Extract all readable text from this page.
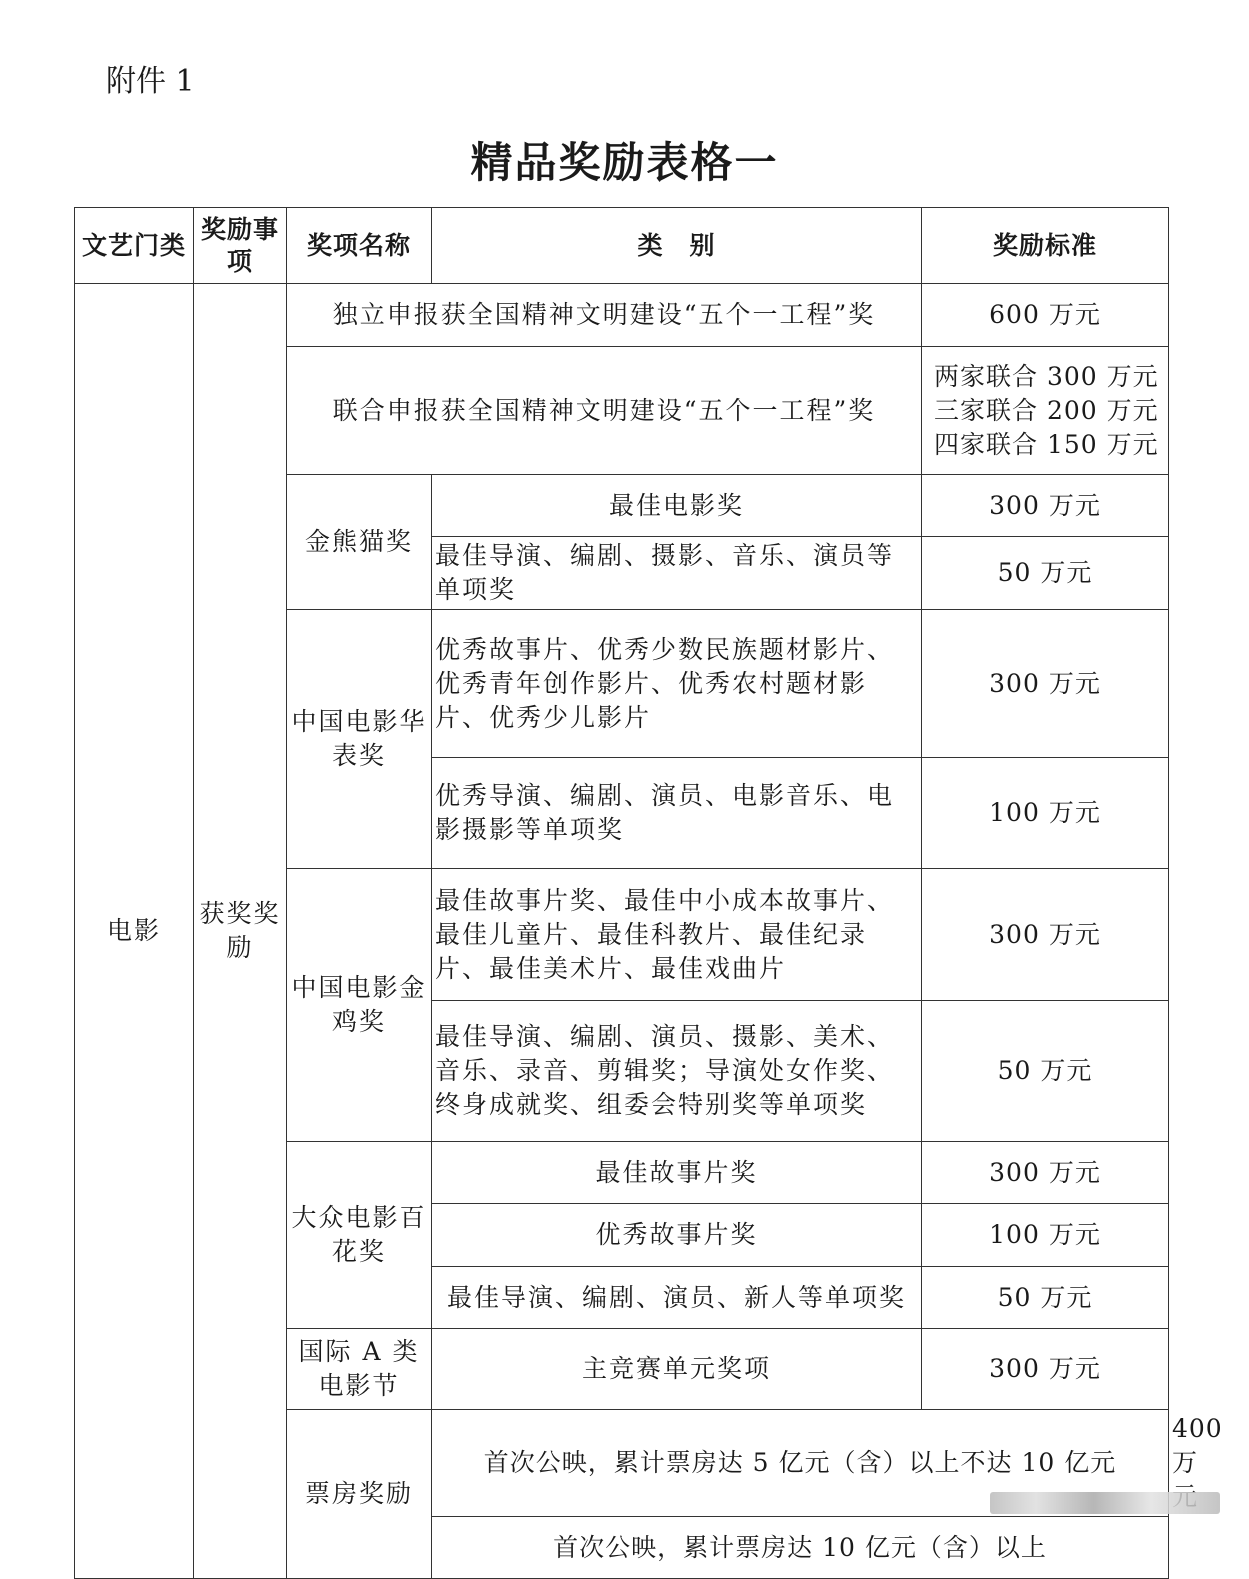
附件 1
精品奖励表格一
文艺门类	奖励事项	奖项名称	类　别	奖励标准	
电影	获奖奖励	独立申报获全国精神文明建设“五个一工程”奖		600 万元	
		联合申报获全国精神文明建设“五个一工程”奖		两家联合 300 万元
三家联合 200 万元
四家联合 150 万元	

		金熊猫奖	最佳电影奖	300 万元	
			最佳导演、编剧、摄影、音乐、演员等单项奖	50 万元	
		中国电影华表奖	优秀故事片、优秀少数民族题材影片、优秀青年创作影片、优秀农村题材影片、优秀少儿影片	300 万元	
			优秀导演、编剧、演员、电影音乐、电影摄影等单项奖	100 万元	
		中国电影金鸡奖	最佳故事片奖、最佳中小成本故事片、最佳儿童片、最佳科教片、最佳纪录片、最佳美术片、最佳戏曲片	300 万元	
			最佳导演、编剧、演员、摄影、美术、音乐、录音、剪辑奖；导演处女作奖、终身成就奖、组委会特别奖等单项奖	50 万元	
		大众电影百花奖	最佳故事片奖	300 万元	
			优秀故事片奖	100 万元	
			最佳导演、编剧、演员、新人等单项奖	50 万元	
		国际 A 类电影节	主竞赛单元奖项	300 万元	
		票房奖励	首次公映，累计票房达 5 亿元（含）以上不达 10 亿元		400 万
			首次公映，累计票房达 10 亿元（含）以上		
